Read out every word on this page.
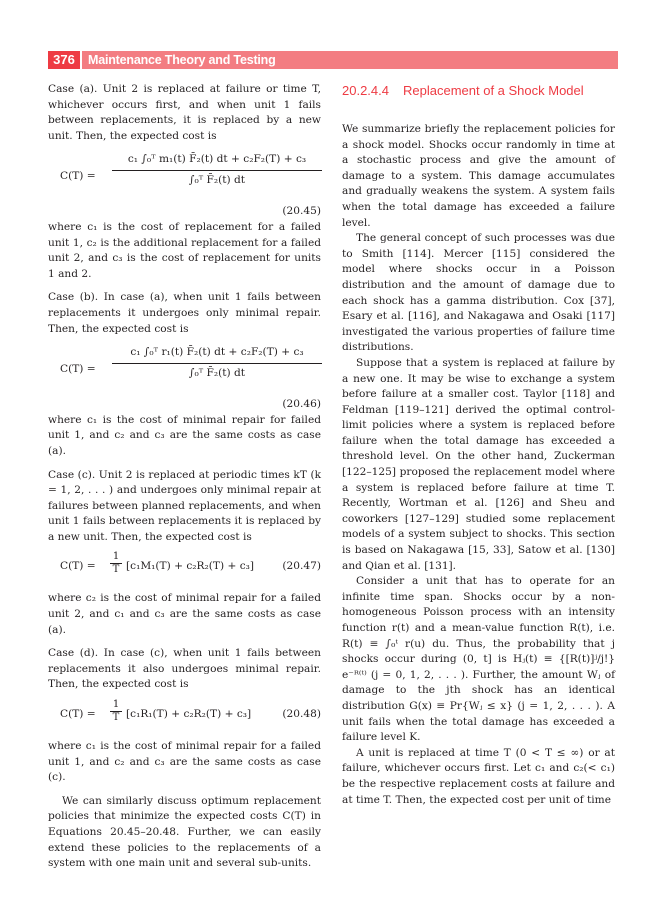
376	Maintenance Theory and Testing

Case (a). Unit 2 is replaced at failure or time T, whichever occurs first, and when unit 1 fails between replacements, it is replaced by a new unit. Then, the expected cost is

$C(T) = \frac{\text{c₁ ∫₀ᵀ m₁(t) F̄₂(t) dt + c₂F₂(T) + c₃}}{\text{∫₀ᵀ F̄₂(t) dt}}$
(20.45)

where c₁ is the cost of replacement for a failed unit 1, c₂ is the additional replacement for a failed unit 2, and c₃ is the cost of replacement for units 1 and 2.

Case (b). In case (a), when unit 1 fails between replacements it undergoes only minimal repair. Then, the expected cost is

$C(T) = \frac{\text{c₁ ∫₀ᵀ r₁(t) F̄₂(t) dt + c₂F₂(T) + c₃}}{\text{∫₀ᵀ F̄₂(t) dt}}$
(20.46)

where c₁ is the cost of minimal repair for failed unit 1, and c₂ and c₃ are the same costs as case (a).

Case (c). Unit 2 is replaced at periodic times kT (k = 1, 2, . . . ) and undergoes only minimal repair at failures between planned replacements, and when unit 1 fails between replacements it is replaced by a new unit. Then, the expected cost is

C(T) =
1
T [c₁M₁(T) + c₂R₂(T) + c₃]	(20.47)

where c₂ is the cost of minimal repair for a failed unit 2, and c₁ and c₃ are the same costs as case (a).

Case (d). In case (c), when unit 1 fails between replacements it also undergoes minimal repair. Then, the expected cost is

C(T) =
1
T [c₁R₁(T) + c₂R₂(T) + c₃]	(20.48)

where c₁ is the cost of minimal repair for a failed unit 1, and c₂ and c₃ are the same costs as case (c).

We can similarly discuss optimum replacement policies that minimize the expected costs C(T) in Equations 20.45–20.48. Further, we can easily extend these policies to the replacements of a system with one main unit and several sub-units.

20.2.4.4 Replacement of a Shock Model

We summarize briefly the replacement policies for a shock model. Shocks occur randomly in time at a stochastic process and give the amount of damage to a system. This damage accumulates and gradually weakens the system. A system fails when the total damage has exceeded a failure level.

The general concept of such processes was due to Smith [114]. Mercer [115] considered the model where shocks occur in a Poisson distribution and the amount of damage due to each shock has a gamma distribution. Cox [37], Esary et al. [116], and Nakagawa and Osaki [117] investigated the various properties of failure time distributions.

Suppose that a system is replaced at failure by a new one. It may be wise to exchange a system before failure at a smaller cost. Taylor [118] and Feldman [119–121] derived the optimal control-limit policies where a system is replaced before failure when the total damage has exceeded a threshold level. On the other hand, Zuckerman [122–125] proposed the replacement model where a system is replaced before failure at time T. Recently, Wortman et al. [126] and Sheu and coworkers [127–129] studied some replacement models of a system subject to shocks. This section is based on Nakagawa [15, 33], Satow et al. [130] and Qian et al. [131].

Consider a unit that has to operate for an infinite time span. Shocks occur by a non-homogeneous Poisson process with an intensity function r(t) and a mean-value function R(t), i.e. R(t) ≡ ∫₀ᵗ r(u) du. Thus, the probability that j shocks occur during (0, t] is Hⱼ(t) ≡ {[R(t)]ʲ/j!} e⁻ᴿ⁽ᵗ⁾ (j = 0, 1, 2, . . . ). Further, the amount Wⱼ of damage to the jth shock has an identical distribution G(x) ≡ Pr{Wⱼ ≤ x} (j = 1, 2, . . . ). A unit fails when the total damage has exceeded a failure level K.

A unit is replaced at time T (0 < T ≤ ∞) or at failure, whichever occurs first. Let c₁ and c₂(< c₁) be the respective replacement costs at failure and at time T. Then, the expected cost per unit of time
